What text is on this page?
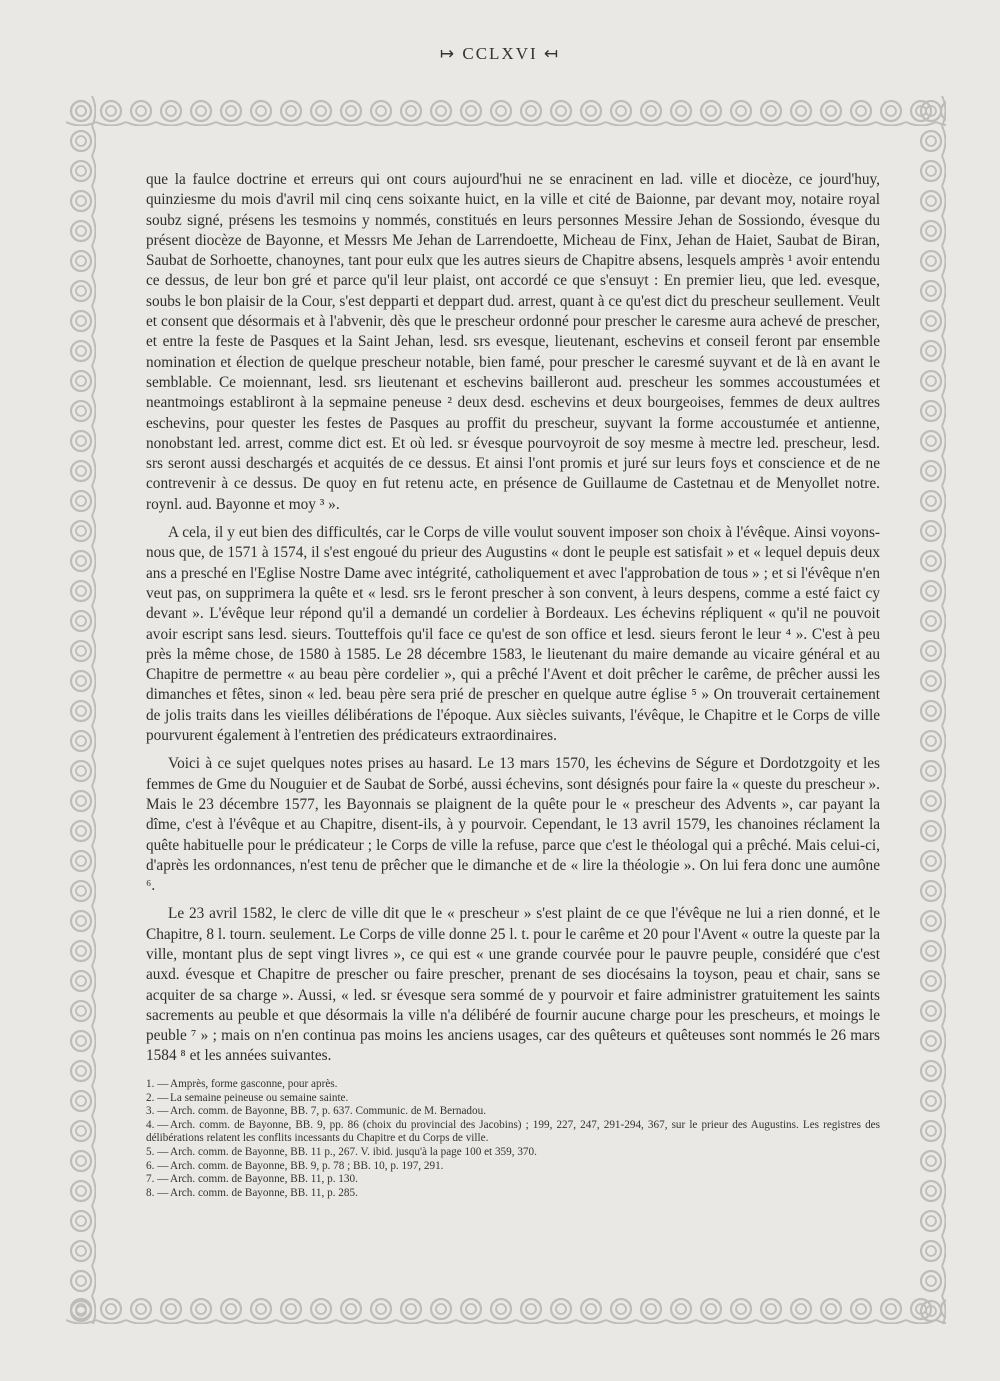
↦ CCLXVI ↤

que la faulce doctrine et erreurs qui ont cours aujourd'hui ne se enracinent en lad. ville et diocèze, ce jourd'huy, quinziesme du mois d'avril mil cinq cens soixante huict, en la ville et cité de Baionne, par devant moy, notaire royal soubz signé, présens les tesmoins y nommés, constitués en leurs personnes Messire Jehan de Sossiondo, évesque du présent diocèze de Bayonne, et Messrs Me Jehan de Larrendoette, Micheau de Finx, Jehan de Haiet, Saubat de Biran, Saubat de Sorhoette, chanoynes, tant pour eulx que les autres sieurs de Chapitre absens, lesquels amprès ¹ avoir entendu ce dessus, de leur bon gré et parce qu'il leur plaist, ont accordé ce que s'ensuyt : En premier lieu, que led. evesque, soubs le bon plaisir de la Cour, s'est depparti et deppart dud. arrest, quant à ce qu'est dict du prescheur seullement. Veult et consent que désormais et à l'abvenir, dès que le prescheur ordonné pour prescher le caresme aura achevé de prescher, et entre la feste de Pasques et la Saint Jehan, lesd. srs evesque, lieutenant, eschevins et conseil feront par ensemble nomination et élection de quelque prescheur notable, bien famé, pour prescher le caresmé suyvant et de là en avant le semblable. Ce moiennant, lesd. srs lieutenant et eschevins bailleront aud. prescheur les sommes accoustumées et neantmoings establiront à la sepmaine peneuse ² deux desd. eschevins et deux bourgeoises, femmes de deux aultres eschevins, pour quester les festes de Pasques au proffit du prescheur, suyvant la forme accoustumée et antienne, nonobstant led. arrest, comme dict est. Et où led. sr évesque pourvoyroit de soy mesme à mectre led. prescheur, lesd. srs seront aussi deschargés et acquités de ce dessus. Et ainsi l'ont promis et juré sur leurs foys et conscience et de ne contrevenir à ce dessus. De quoy en fut retenu acte, en présence de Guillaume de Castetnau et de Menyollet notre. roynl. aud. Bayonne et moy ³ ».

A cela, il y eut bien des difficultés, car le Corps de ville voulut souvent imposer son choix à l'évêque. Ainsi voyons-nous que, de 1571 à 1574, il s'est engoué du prieur des Augustins « dont le peuple est satisfait » et « lequel depuis deux ans a presché en l'Eglise Nostre Dame avec intégrité, catholiquement et avec l'approbation de tous » ; et si l'évêque n'en veut pas, on supprimera la quête et « lesd. srs le feront prescher à son convent, à leurs despens, comme a esté faict cy devant ». L'évêque leur répond qu'il a demandé un cordelier à Bordeaux. Les échevins répliquent « qu'il ne pouvoit avoir escript sans lesd. sieurs. Toutteffois qu'il face ce qu'est de son office et lesd. sieurs feront le leur ⁴ ». C'est à peu près la même chose, de 1580 à 1585. Le 28 décembre 1583, le lieutenant du maire demande au vicaire général et au Chapitre de permettre « au beau père cordelier », qui a prêché l'Avent et doit prêcher le carême, de prêcher aussi les dimanches et fêtes, sinon « led. beau père sera prié de prescher en quelque autre église ⁵ » On trouverait certainement de jolis traits dans les vieilles délibérations de l'époque. Aux siècles suivants, l'évêque, le Chapitre et le Corps de ville pourvurent également à l'entretien des prédicateurs extraordinaires.

Voici à ce sujet quelques notes prises au hasard. Le 13 mars 1570, les échevins de Ségure et Dordotzgoity et les femmes de Gme du Nouguier et de Saubat de Sorbé, aussi échevins, sont désignés pour faire la « queste du prescheur ». Mais le 23 décembre 1577, les Bayonnais se plaignent de la quête pour le « prescheur des Advents », car payant la dîme, c'est à l'évêque et au Chapitre, disent-ils, à y pourvoir. Cependant, le 13 avril 1579, les chanoines réclament la quête habituelle pour le prédicateur ; le Corps de ville la refuse, parce que c'est le théologal qui a prêché. Mais celui-ci, d'après les ordonnances, n'est tenu de prêcher que le dimanche et de « lire la théologie ». On lui fera donc une aumône ⁶.

Le 23 avril 1582, le clerc de ville dit que le « prescheur » s'est plaint de ce que l'évêque ne lui a rien donné, et le Chapitre, 8 l. tourn. seulement. Le Corps de ville donne 25 l. t. pour le carême et 20 pour l'Avent « outre la queste par la ville, montant plus de sept vingt livres », ce qui est « une grande courvée pour le pauvre peuple, considéré que c'est auxd. évesque et Chapitre de prescher ou faire prescher, prenant de ses diocésains la toyson, peau et chair, sans se acquiter de sa charge ». Aussi, « led. sr évesque sera sommé de y pourvoir et faire administrer gratuitement les saints sacrements au peuble et que désormais la ville n'a délibéré de fournir aucune charge pour les prescheurs, et moings le peuble ⁷ » ; mais on n'en continua pas moins les anciens usages, car des quêteurs et quêteuses sont nommés le 26 mars 1584 ⁸ et les années suivantes.

1. — Amprès, forme gasconne, pour après.
2. — La semaine peineuse ou semaine sainte.
3. — Arch. comm. de Bayonne, BB. 7, p. 637. Communic. de M. Bernadou.
4. — Arch. comm. de Bayonne, BB. 9, pp. 86 (choix du provincial des Jacobins) ; 199, 227, 247, 291-294, 367, sur le prieur des Augustins. Les registres des délibérations relatent les conflits incessants du Chapitre et du Corps de ville.
5. — Arch. comm. de Bayonne, BB. 11 p., 267. V. ibid. jusqu'à la page 100 et 359, 370.
6. — Arch. comm. de Bayonne, BB. 9, p. 78 ; BB. 10, p. 197, 291.
7. — Arch. comm. de Bayonne, BB. 11, p. 130.
8. — Arch. comm. de Bayonne, BB. 11, p. 285.
